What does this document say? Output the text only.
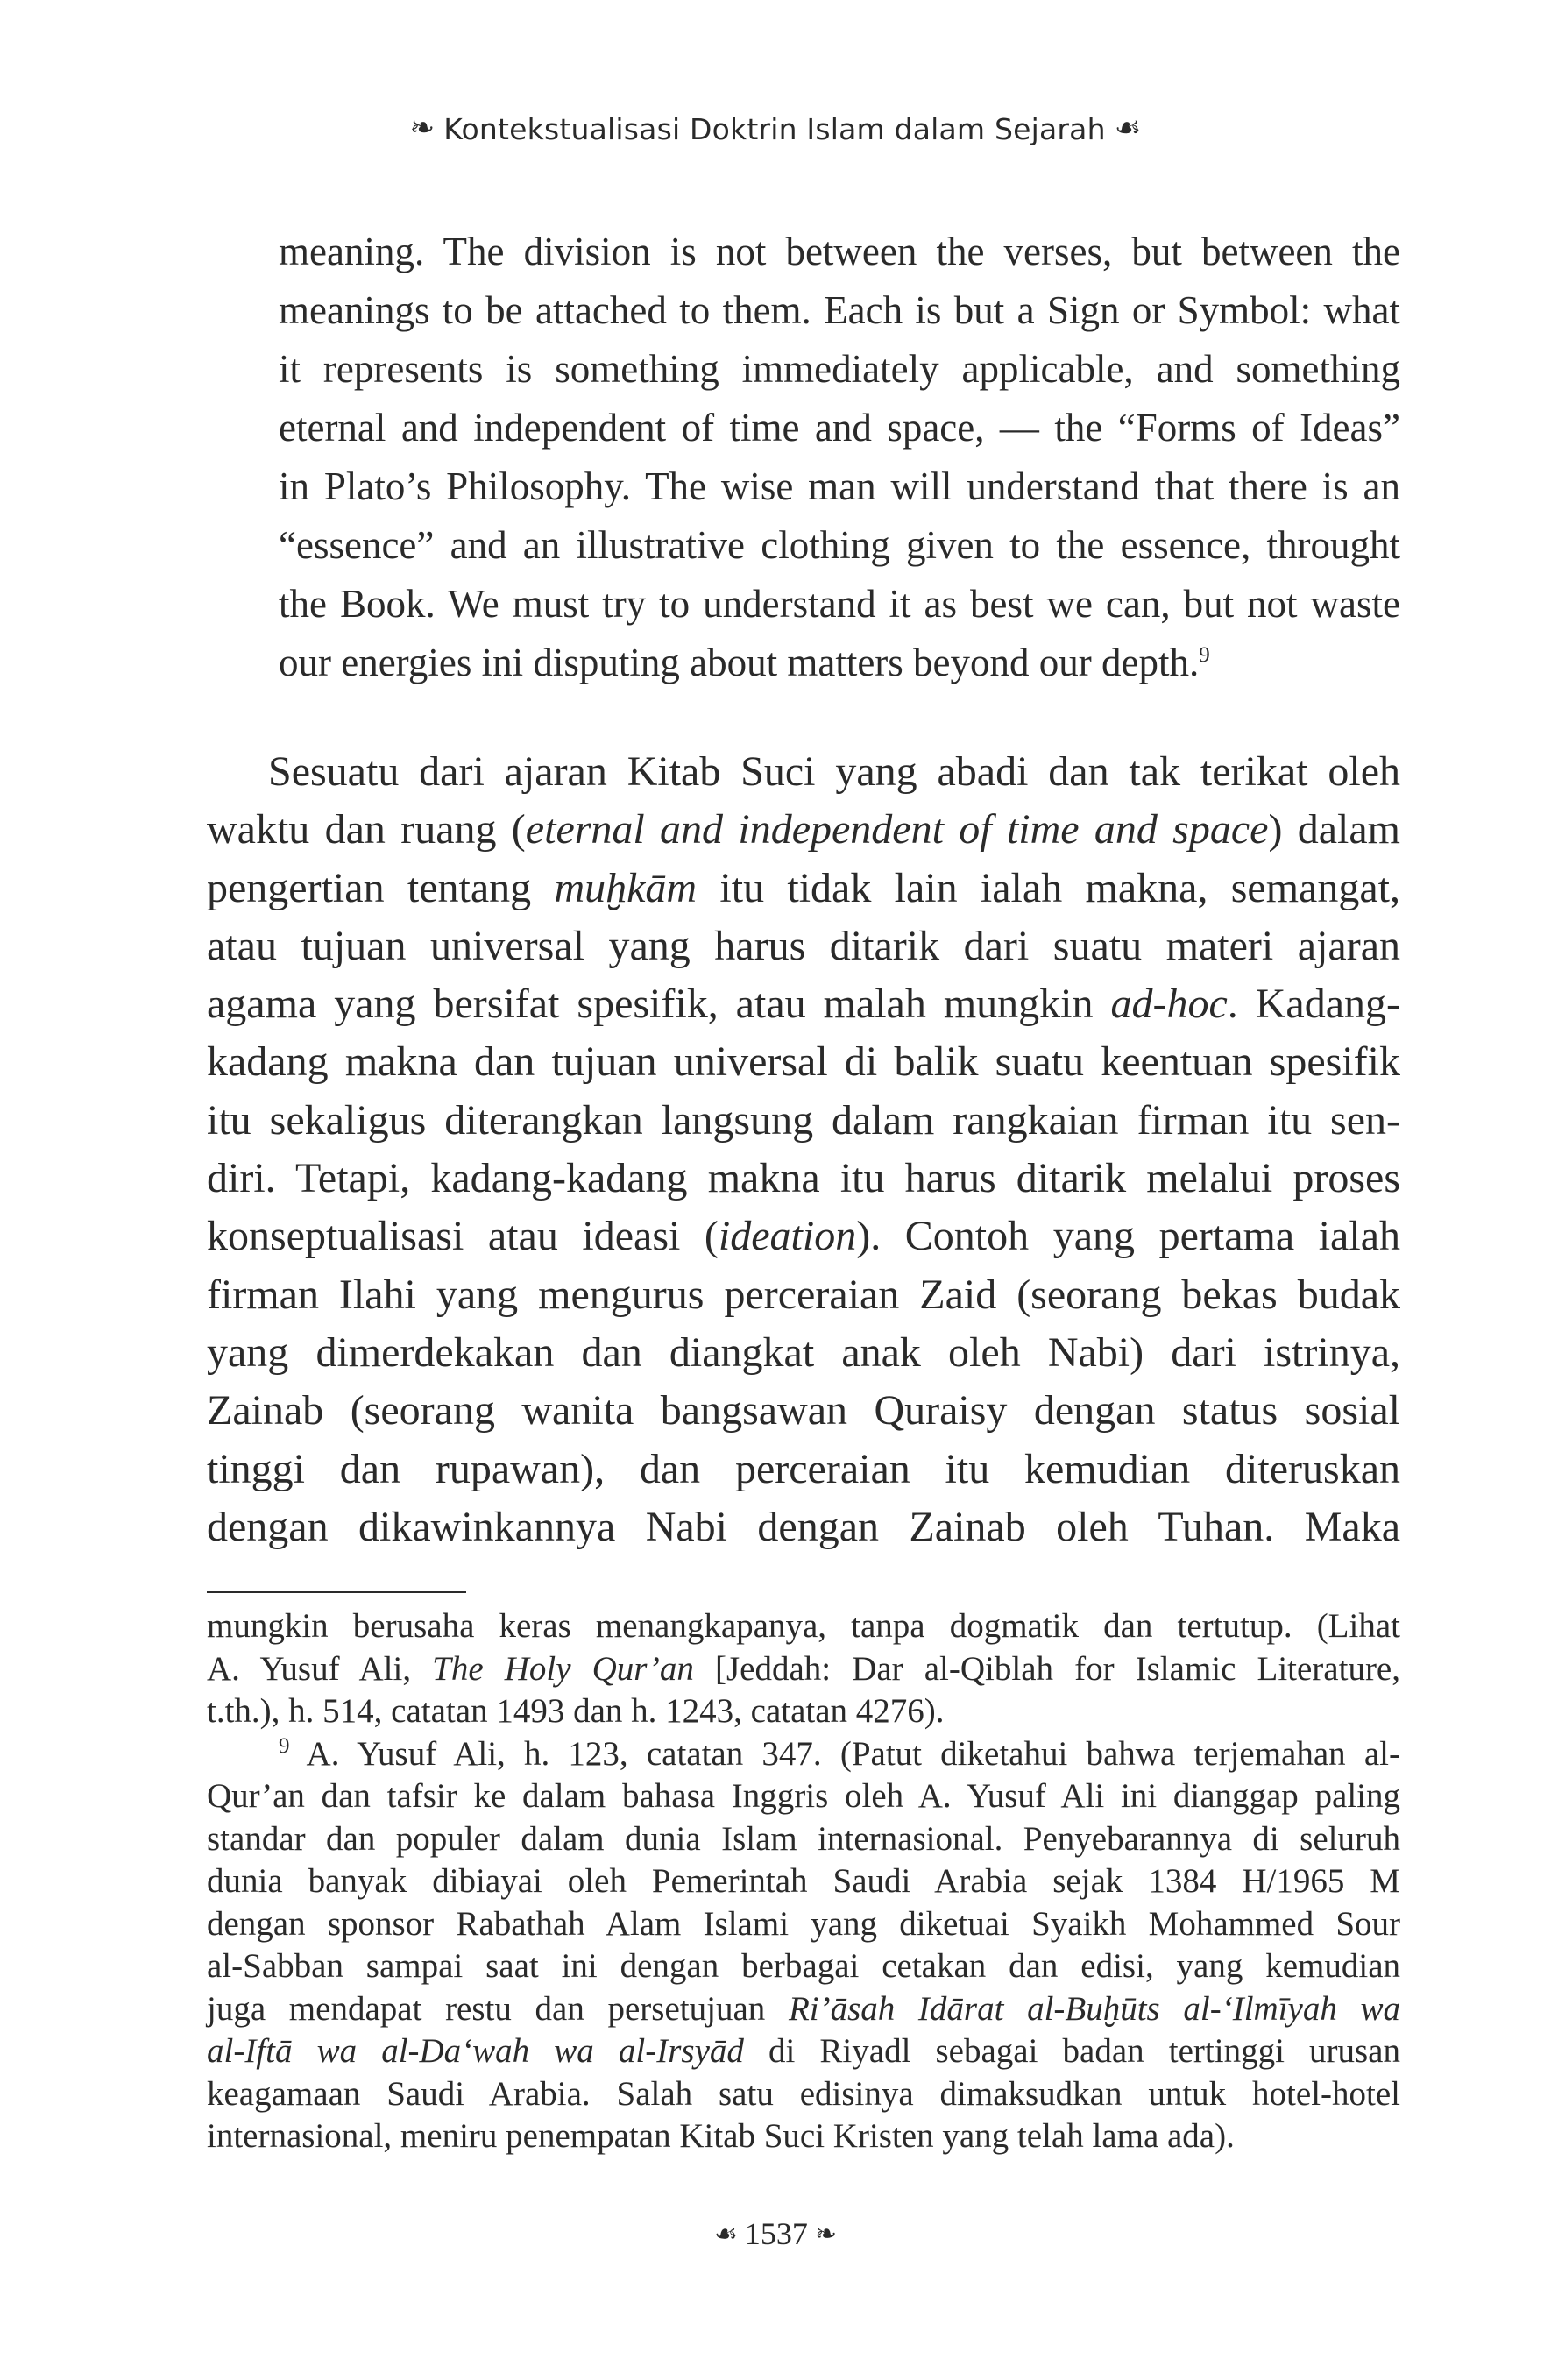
❧ Kontekstualisasi Doktrin Islam dalam Sejarah ☙
meaning. The division is not between the verses, but between the
meanings to be attached to them. Each is but a Sign or Symbol: what
it represents is something immediately applicable, and something
eternal and independent of time and space, — the “Forms of Ideas”
in Plato’s Philosophy. The wise man will understand that there is an
“essence” and an illustrative clothing given to the essence, throught
the Book. We must try to understand it as best we can, but not waste
our energies ini disputing about matters beyond our depth.$^9$
Sesuatu dari ajaran Kitab Suci yang abadi dan tak terikat oleh
waktu dan ruang (eternal and independent of time and space) dalam
pengertian tentang muḫkām itu tidak lain ialah makna, semangat,
atau tujuan universal yang harus ditarik dari suatu materi ajaran
agama yang bersifat spesifik, atau malah mungkin ad-hoc. Kadang-
kadang makna dan tujuan universal di balik suatu keentuan spesifik
itu sekaligus diterangkan langsung dalam rangkaian firman itu sen-
diri. Tetapi, kadang-kadang makna itu harus ditarik melalui proses
konseptualisasi atau ideasi (ideation). Contoh yang pertama ialah
firman Ilahi yang mengurus perceraian Zaid (seorang bekas budak
yang dimerdekakan dan diangkat anak oleh Nabi) dari istrinya,
Zainab (seorang wanita bangsawan Quraisy dengan status sosial
tinggi dan rupawan), dan perceraian itu kemudian diteruskan
dengan dikawinkannya Nabi dengan Zainab oleh Tuhan. Maka
mungkin berusaha keras menangkapanya, tanpa dogmatik dan tertutup. (Lihat
A. Yusuf Ali, The Holy Qur’an [Jeddah: Dar al-Qiblah for Islamic Literature,
t.th.), h. 514, catatan 1493 dan h. 1243, catatan 4276).
$^9$ A. Yusuf Ali, h. 123, catatan 347. (Patut diketahui bahwa terjemahan al-
Qur’an dan tafsir ke dalam bahasa Inggris oleh A. Yusuf Ali ini dianggap paling
standar dan populer dalam dunia Islam internasional. Penyebarannya di seluruh
dunia banyak dibiayai oleh Pemerintah Saudi Arabia sejak 1384 H/1965 M
dengan sponsor Rabathah Alam Islami yang diketuai Syaikh Mohammed Sour
al-Sabban sampai saat ini dengan berbagai cetakan dan edisi, yang kemudian
juga mendapat restu dan persetujuan Ri’āsah Idārat al-Buḫūts al-‘Ilmīyah wa
al-Iftā wa al-Da‘wah wa al-Irsyād di Riyadl sebagai badan tertinggi urusan
keagamaan Saudi Arabia. Salah satu edisinya dimaksudkan untuk hotel-hotel
internasional, meniru penempatan Kitab Suci Kristen yang telah lama ada).
☙ 1537 ❧
